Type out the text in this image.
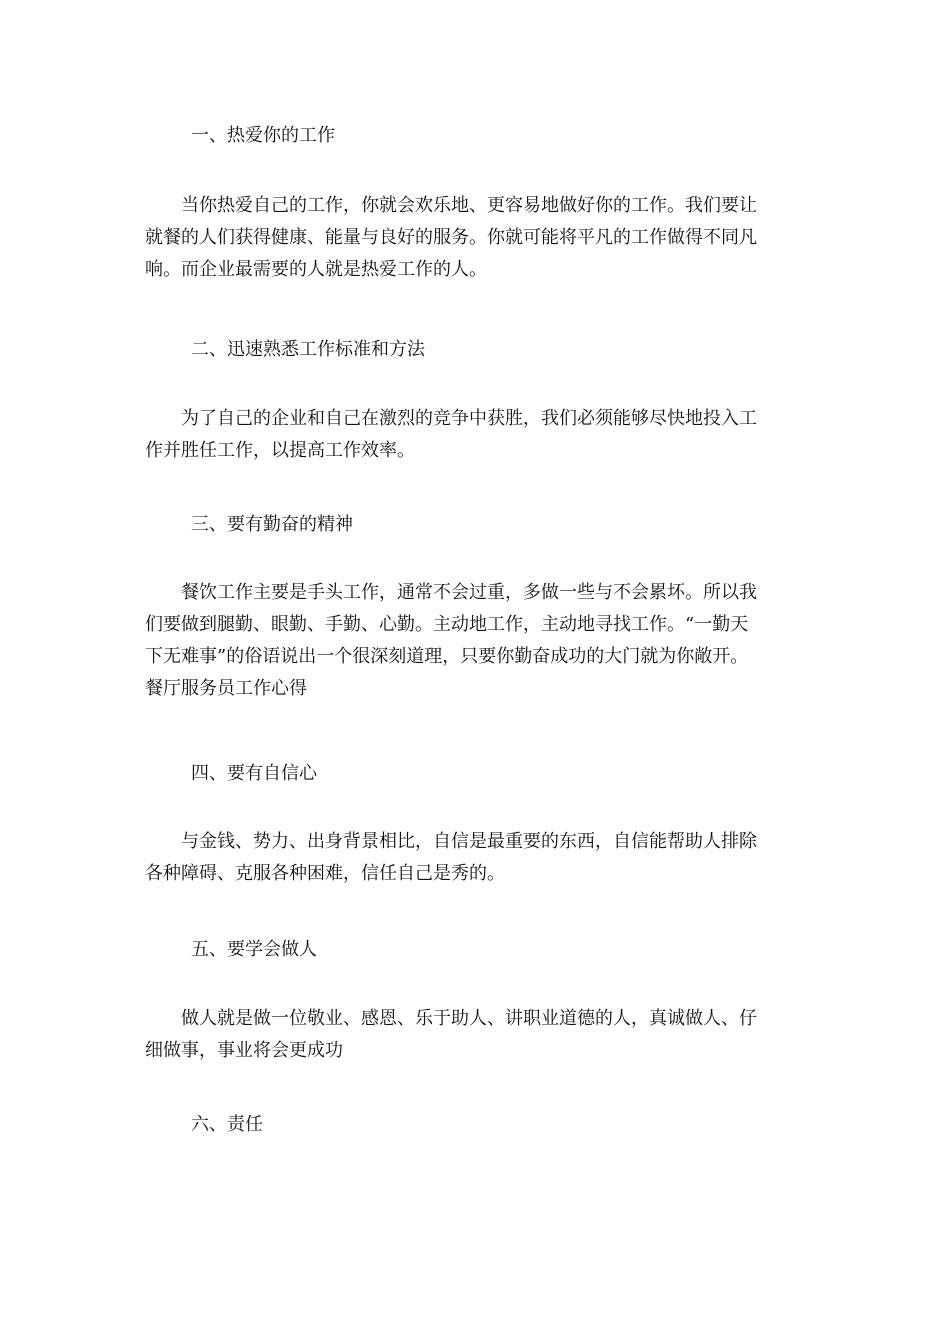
一、热爱你的工作
　　当你热爱自己的工作，你就会欢乐地、更容易地做好你的工作。我们要让
就餐的人们获得健康、能量与良好的服务。你就可能将平凡的工作做得不同凡
响。而企业最需要的人就是热爱工作的人。
二、迅速熟悉工作标准和方法
　　为了自己的企业和自己在激烈的竞争中获胜，我们必须能够尽快地投入工
作并胜任工作，以提高工作效率。
三、要有勤奋的精神
　　餐饮工作主要是手头工作，通常不会过重，多做一些与不会累坏。所以我
们要做到腿勤、眼勤、手勤、心勤。主动地工作，主动地寻找工作。“一勤天
下无难事”的俗语说出一个很深刻道理，只要你勤奋成功的大门就为你敞开。
餐厅服务员工作心得
四、要有自信心
　　与金钱、势力、出身背景相比，自信是最重要的东西，自信能帮助人排除
各种障碍、克服各种困难，信任自己是秀的。
五、要学会做人
　　做人就是做一位敬业、感恩、乐于助人、讲职业道德的人，真诚做人、仔
细做事，事业将会更成功
六、责任
